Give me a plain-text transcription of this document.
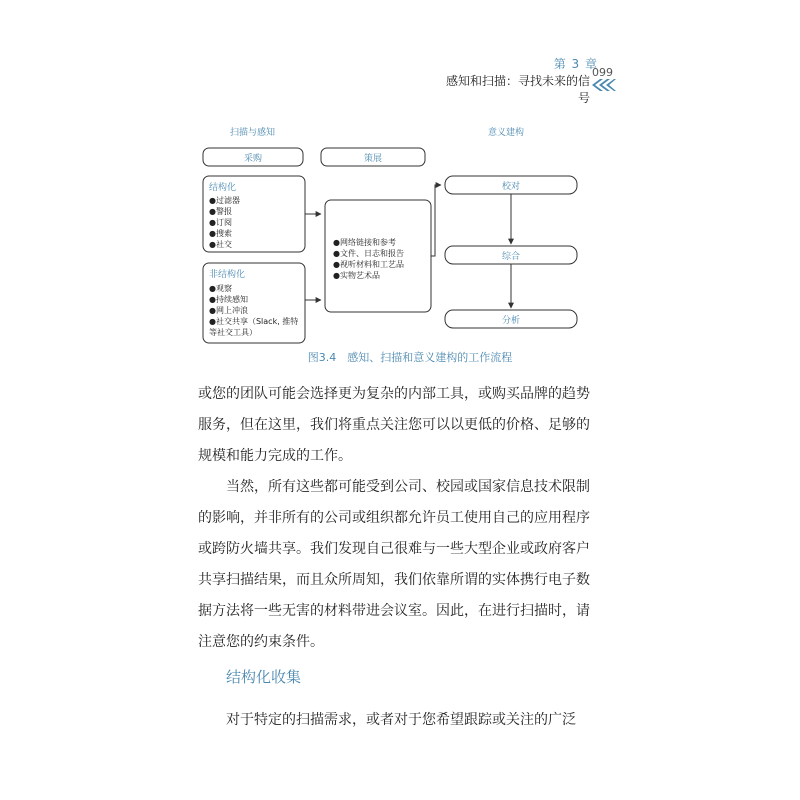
第 3 章
感知和扫描：寻找未来的信号
099
扫描与感知	意义建构
采购	策展
结构化
●过滤器
●警报
●订阅
●搜索
●社交
非结构化
●观察
●持续感知
●网上冲浪
●社交共享（Slack, 推特
等社交工具）
●网络链接和参考
●文件、日志和报告
●视听材料和工艺品
●实物艺术品
校对
综合
分析
图3.4　感知、扫描和意义建构的工作流程

或您的团队可能会选择更为复杂的内部工具，或购买品牌的趋势

服务，但在这里，我们将重点关注您可以以更低的价格、足够的

规模和能力完成的工作。

　　当然，所有这些都可能受到公司、校园或国家信息技术限制

的影响，并非所有的公司或组织都允许员工使用自己的应用程序

或跨防火墙共享。我们发现自己很难与一些大型企业或政府客户

共享扫描结果，而且众所周知，我们依靠所谓的实体携行电子数

据方法将一些无害的材料带进会议室。因此，在进行扫描时，请

注意您的约束条件。

结构化收集

　　对于特定的扫描需求，或者对于您希望跟踪或关注的广泛
